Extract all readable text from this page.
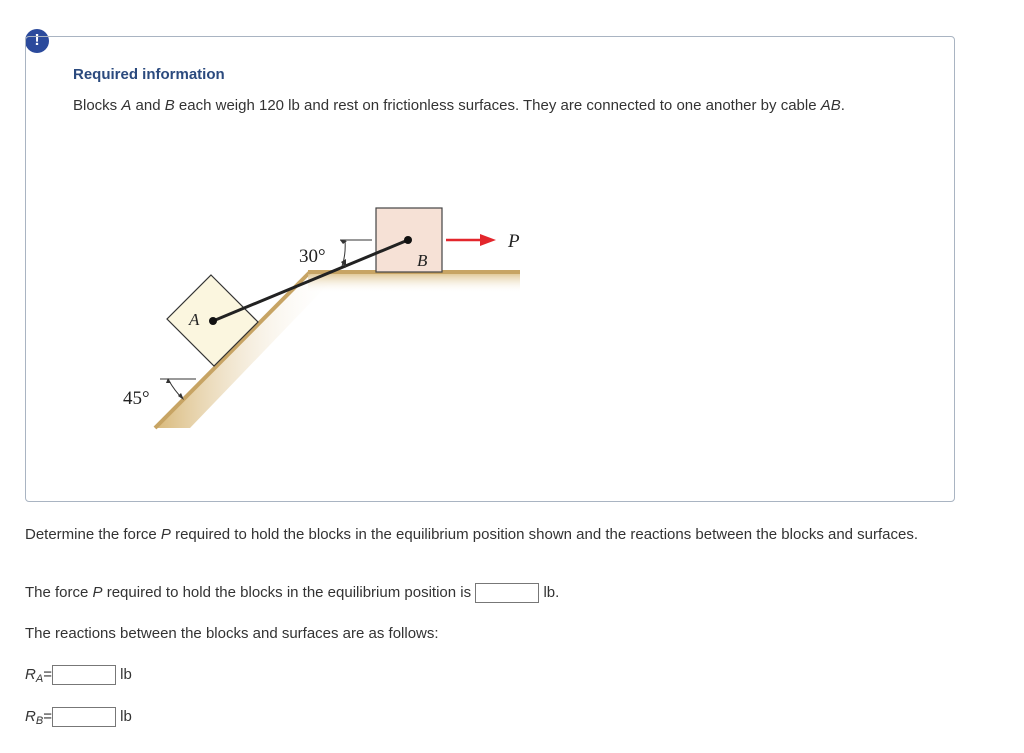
!
Required information
Blocks A and B each weigh 120 lb and rest on frictionless surfaces. They are connected to one another by cable AB.
A
B
30°
45°
P
Determine the force P required to hold the blocks in the equilibrium position shown and the reactions between the blocks and surfaces.
The force P required to hold the blocks in the equilibrium position is	lb.
The reactions between the blocks and surfaces are as follows:
$R_A=$	lb
$R_B=$	lb
